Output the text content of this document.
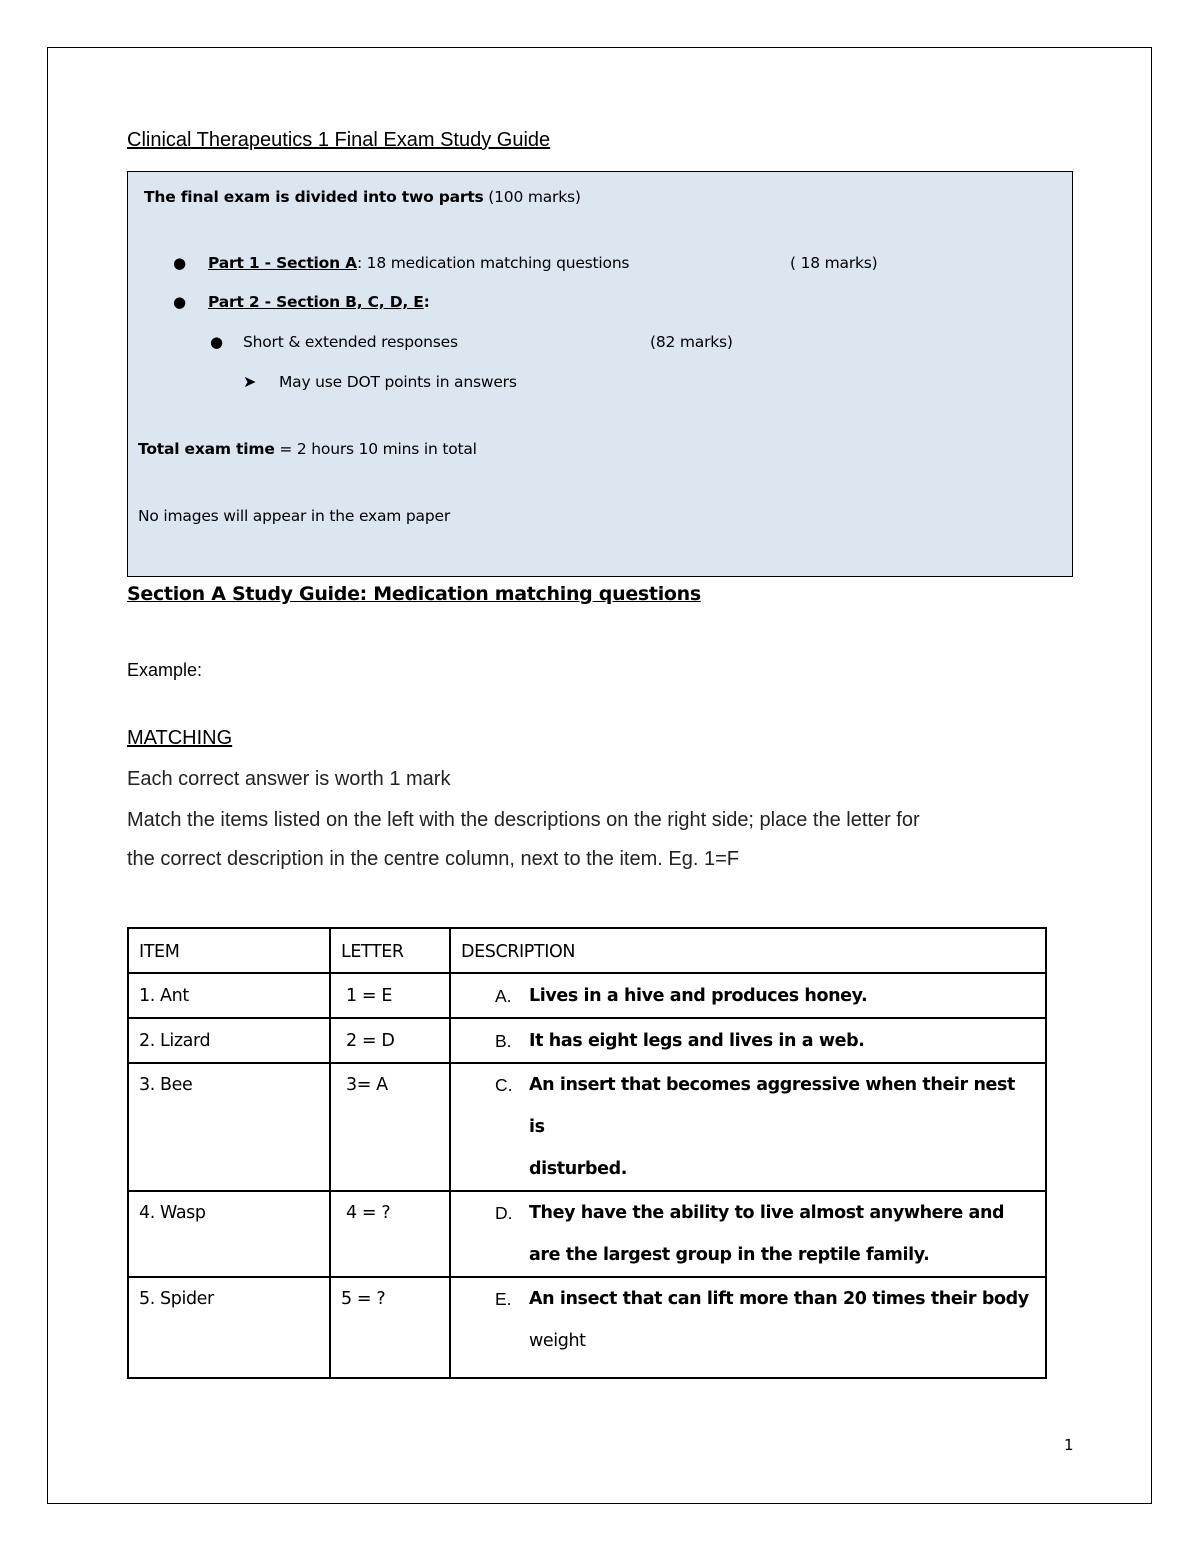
Clinical Therapeutics 1 Final Exam Study Guide
The final exam is divided into two parts (100 marks)
● Part 1 - Section A: 18 medication matching questions	( 18 marks)
● Part 2 - Section B, C, D, E:
● Short & extended responses	(82 marks)
➤ May use DOT points in answers
Total exam time = 2 hours 10 mins in total
No images will appear in the exam paper
Section A Study Guide: Medication matching questions
Example:
MATCHING
Each correct answer is worth 1 mark
Match the items listed on the left with the descriptions on the right side; place the letter for
the correct description in the centre column, next to the item. Eg. 1=F
ITEM	LETTER	DESCRIPTION
1. Ant	1 = E	A. Lives in a hive and produces honey.

2. Lizard	2 = D	B. It has eight legs and lives in a web.

3. Bee	3= A	C. An insert that becomes aggressive when their nest is
disturbed.

4. Wasp	4 = ?	D. They have the ability to live almost anywhere and
are the largest group in the reptile family.

5. Spider	5 = ?	E. An insect that can lift more than 20 times their body
weight
1
